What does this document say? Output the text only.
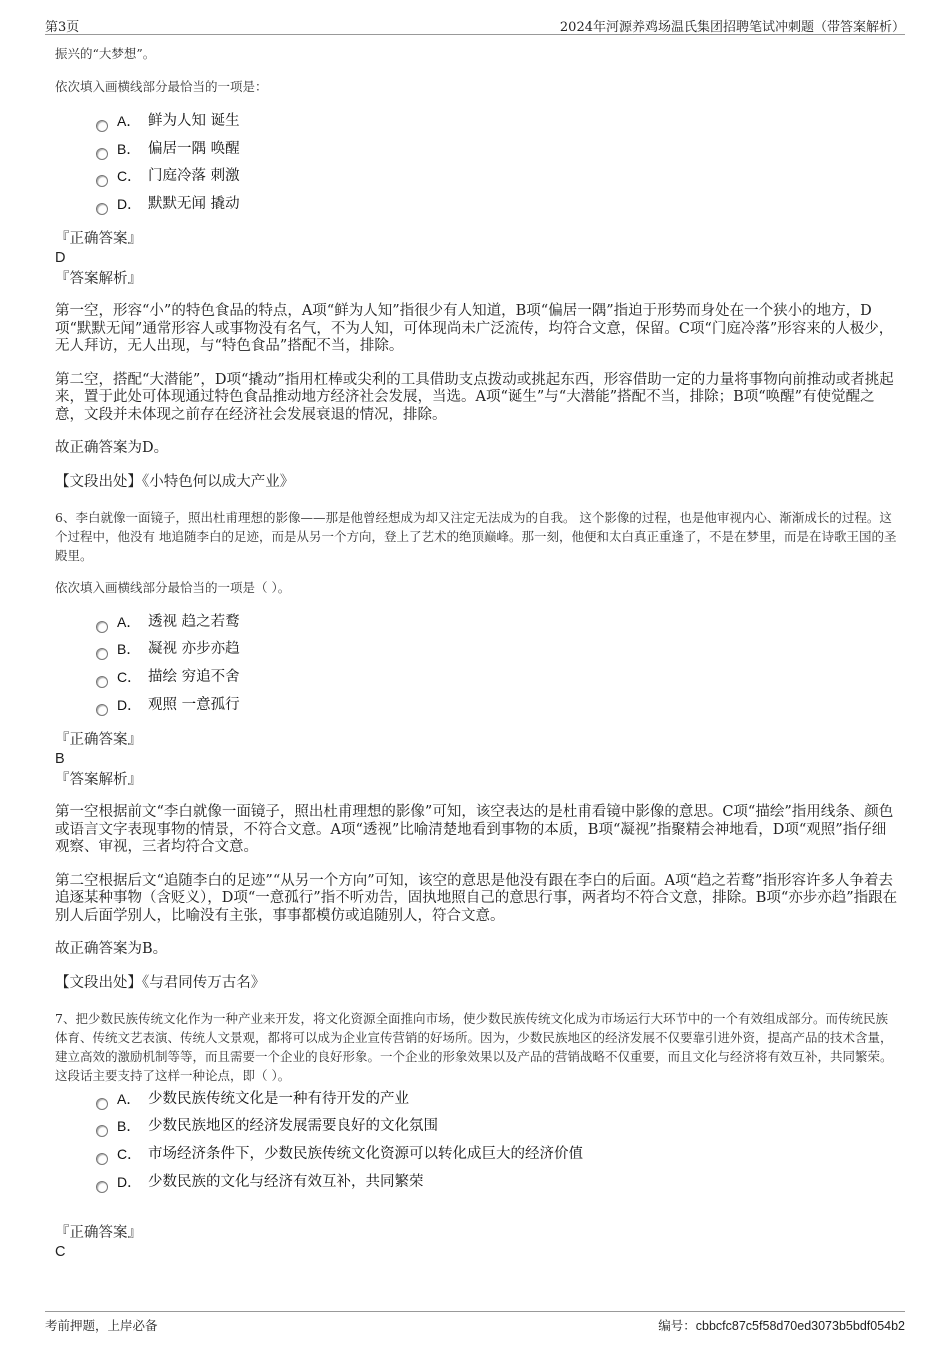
第3页	2024年河源养鸡场温氏集团招聘笔试冲刺题（带答案解析）
振兴的“大梦想”。
依次填入画横线部分最恰当的一项是：
A． 鲜为人知 诞生
B． 偏居一隅 唤醒
C． 门庭冷落 刺激
D． 默默无闻 撬动
『正确答案』
D
『答案解析』
第一空，形容“小”的特色食品的特点，A项“鲜为人知”指很少有人知道，B项“偏居一隅”指迫于形势而身处在一个狭小的地方，D项“默默无闻”通常形容人或事物没有名气，不为人知，可体现尚未广泛流传，均符合文意，保留。C项“门庭冷落”形容来的人极少，无人拜访，无人出现，与“特色食品”搭配不当，排除。
第二空，搭配“大潜能”，D项“撬动”指用杠棒或尖利的工具借助支点拨动或挑起东西，形容借助一定的力量将事物向前推动或者挑起来，置于此处可体现通过特色食品推动地方经济社会发展，当选。A项“诞生”与“大潜能”搭配不当，排除；B项“唤醒”有使觉醒之意，文段并未体现之前存在经济社会发展衰退的情况，排除。
故正确答案为D。
【文段出处】《小特色何以成大产业》
6、李白就像一面镜子，照出杜甫理想的影像——那是他曾经想成为却又注定无法成为的自我。 这个影像的过程，也是他审视内心、渐渐成长的过程。这个过程中，他没有 地追随李白的足迹，而是从另一个方向，登上了艺术的绝顶巅峰。那一刻，他便和太白真正重逢了，不是在梦里，而是在诗歌王国的圣殿里。
依次填入画横线部分最恰当的一项是（ ）。
A． 透视 趋之若鹜
B． 凝视 亦步亦趋
C． 描绘 穷追不舍
D． 观照 一意孤行
『正确答案』
B
『答案解析』
第一空根据前文“李白就像一面镜子，照出杜甫理想的影像”可知，该空表达的是杜甫看镜中影像的意思。C项“描绘”指用线条、颜色或语言文字表现事物的情景，不符合文意。A项“透视”比喻清楚地看到事物的本质，B项“凝视”指聚精会神地看，D项“观照”指仔细观察、审视，三者均符合文意。
第二空根据后文“追随李白的足迹”“从另一个方向”可知，该空的意思是他没有跟在李白的后面。A项“趋之若鹜”指形容许多人争着去追逐某种事物（含贬义），D项“一意孤行”指不听劝告，固执地照自己的意思行事，两者均不符合文意，排除。B项“亦步亦趋”指跟在别人后面学别人，比喻没有主张，事事都模仿或追随别人，符合文意。
故正确答案为B。
【文段出处】《与君同传万古名》
7、把少数民族传统文化作为一种产业来开发，将文化资源全面推向市场，使少数民族传统文化成为市场运行大环节中的一个有效组成部分。而传统民族体育、传统文艺表演、传统人文景观，都将可以成为企业宣传营销的好场所。因为，少数民族地区的经济发展不仅要靠引进外资，提高产品的技术含量，建立高效的激励机制等等，而且需要一个企业的良好形象。一个企业的形象效果以及产品的营销战略不仅重要，而且文化与经济将有效互补，共同繁荣。
这段话主要支持了这样一种论点，即（ ）。
A． 少数民族传统文化是一种有待开发的产业
B． 少数民族地区的经济发展需要良好的文化氛围
C． 市场经济条件下，少数民族传统文化资源可以转化成巨大的经济价值
D． 少数民族的文化与经济有效互补，共同繁荣
『正确答案』
C
考前押题，上岸必备	编号：cbbcfc87c5f58d70ed3073b5bdf054b2
